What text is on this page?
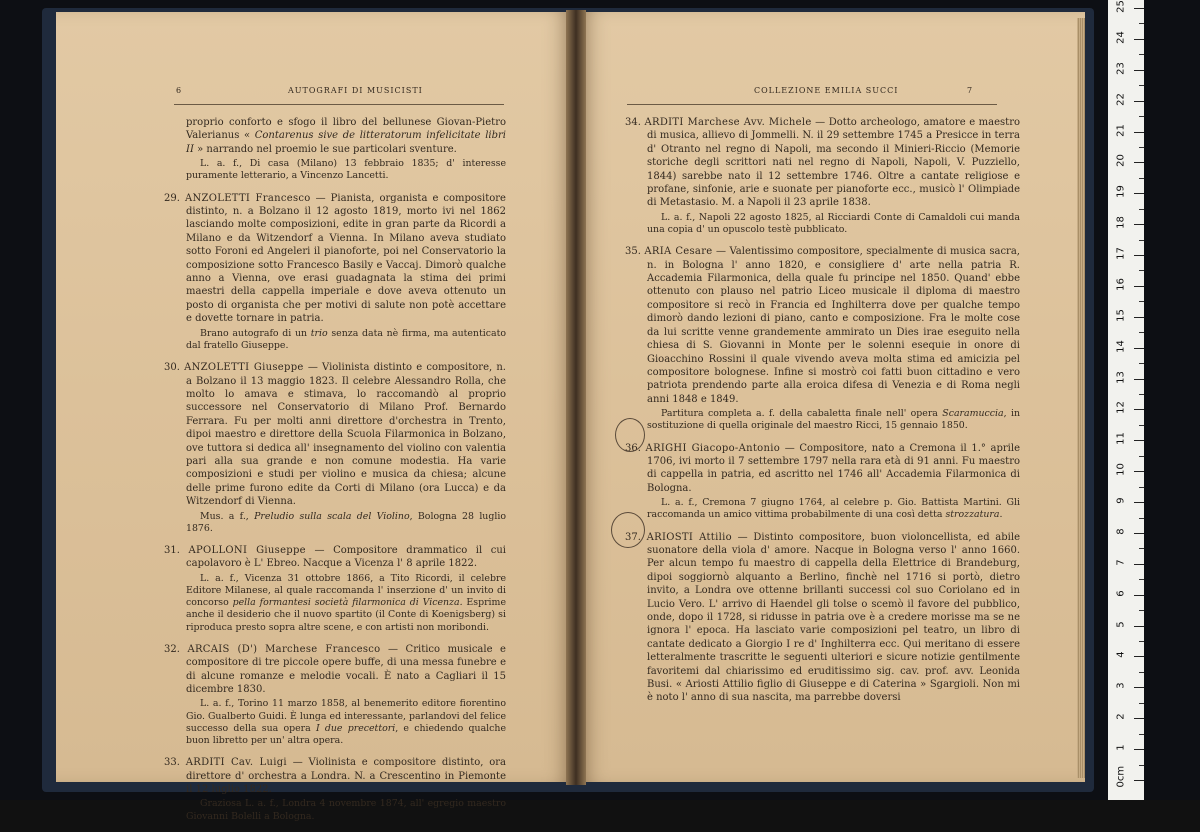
6	AUTOGRAFI DI MUSICISTI

proprio conforto e sfogo il libro del bellunese Giovan-Pietro Valerianus « Contarenus sive de litteratorum infelicitate libri II » narrando nel proemio le sue particolari sventure.

L. a. f., Di casa (Milano) 13 febbraio 1835; d' interesse puramente letterario, a Vincenzo Lancetti.

29. ANZOLETTI Francesco — Pianista, organista e compositore distinto, n. a Bolzano il 12 agosto 1819, morto ivi nel 1862 lasciando molte composizioni, edite in gran parte da Ricordi a Milano e da Witzendorf a Vienna. In Milano aveva studiato sotto Foroni ed Angeleri il pianoforte, poi nel Conservatorio la composizione sotto Francesco Basily e Vaccaj. Dimorò qualche anno a Vienna, ove erasi guadagnata la stima dei primi maestri della cappella imperiale e dove aveva ottenuto un posto di organista che per motivi di salute non potè accettare e dovette tornare in patria.

Brano autografo di un trio senza data nè firma, ma autenticato dal fratello Giuseppe.

30. ANZOLETTI Giuseppe — Violinista distinto e compositore, n. a Bolzano il 13 maggio 1823. Il celebre Alessandro Rolla, che molto lo amava e stimava, lo raccomandò al proprio successore nel Conservatorio di Milano Prof. Bernardo Ferrara. Fu per molti anni direttore d'orchestra in Trento, dipoi maestro e direttore della Scuola Filarmonica in Bolzano, ove tuttora si dedica all' insegnamento del violino con valentia pari alla sua grande e non comune modestia. Ha varie composizioni e studi per violino e musica da chiesa; alcune delle prime furono edite da Corti di Milano (ora Lucca) e da Witzendorf di Vienna.

Mus. a f., Preludio sulla scala del Violino, Bologna 28 luglio 1876.

31. APOLLONI Giuseppe — Compositore drammatico il cui capolavoro è L' Ebreo. Nacque a Vicenza l' 8 aprile 1822.

L. a. f., Vicenza 31 ottobre 1866, a Tito Ricordi, il celebre Editore Milanese, al quale raccomanda l' inserzione d' un invito di concorso pella formantesi società filarmonica di Vicenza. Esprime anche il desiderio che il nuovo spartito (il Conte di Koenigsberg) si riproduca presto sopra altre scene, e con artisti non moribondi.

32. ARCAIS (D') Marchese Francesco — Critico musicale e compositore di tre piccole opere buffe, di una messa funebre e di alcune romanze e melodie vocali. È nato a Cagliari il 15 dicembre 1830.

L. a. f., Torino 11 marzo 1858, al benemerito editore fiorentino Gio. Gualberto Guidi. È lunga ed interessante, parlandovi del felice successo della sua opera I due precettori, e chiedendo qualche buon libretto per un' altra opera.

33. ARDITI Cav. Luigi — Violinista e compositore distinto, ora direttore d' orchestra a Londra. N. a Crescentino in Piemonte il 12 luglio 1822.

Graziosa L. a. f., Londra 4 novembre 1874, all' egregio maestro Giovanni Bolelli a Bologna.

COLLEZIONE EMILIA SUCCI	7

34. ARDITI Marchese Avv. Michele — Dotto archeologo, amatore e maestro di musica, allievo di Jommelli. N. il 29 settembre 1745 a Presicce in terra d' Otranto nel regno di Napoli, ma secondo il Minieri-Riccio (Memorie storiche degli scrittori nati nel regno di Napoli, Napoli, V. Puzziello, 1844) sarebbe nato il 12 settembre 1746. Oltre a cantate religiose e profane, sinfonie, arie e suonate per pianoforte ecc., musicò l' Olimpiade di Metastasio. M. a Napoli il 23 aprile 1838.

L. a. f., Napoli 22 agosto 1825, al Ricciardi Conte di Camaldoli cui manda una copia d' un opuscolo testè pubblicato.

35. ARIA Cesare — Valentissimo compositore, specialmente di musica sacra, n. in Bologna l' anno 1820, e consigliere d' arte nella patria R. Accademia Filarmonica, della quale fu principe nel 1850. Quand' ebbe ottenuto con plauso nel patrio Liceo musicale il diploma di maestro compositore si recò in Francia ed Inghilterra dove per qualche tempo dimorò dando lezioni di piano, canto e composizione. Fra le molte cose da lui scritte venne grandemente ammirato un Dies irae eseguito nella chiesa di S. Giovanni in Monte per le solenni esequie in onore di Gioacchino Rossini il quale vivendo aveva molta stima ed amicizia pel compositore bolognese. Infine si mostrò coi fatti buon cittadino e vero patriota prendendo parte alla eroica difesa di Venezia e di Roma negli anni 1848 e 1849.

Partitura completa a. f. della cabaletta finale nell' opera Scaramuccia, in sostituzione di quella originale del maestro Ricci, 15 gennaio 1850.

36. ARIGHI Giacopo-Antonio — Compositore, nato a Cremona il 1.° aprile 1706, ivi morto il 7 settembre 1797 nella rara età di 91 anni. Fu maestro di cappella in patria, ed ascritto nel 1746 all' Accademia Filarmonica di Bologna.

L. a. f., Cremona 7 giugno 1764, al celebre p. Gio. Battista Martini. Gli raccomanda un amico vittima probabilmente di una così detta strozzatura.

37. ARIOSTI Attilio — Distinto compositore, buon violoncellista, ed abile suonatore della viola d' amore. Nacque in Bologna verso l' anno 1660. Per alcun tempo fu maestro di cappella della Elettrice di Brandeburg, dipoi soggiornò alquanto a Berlino, finchè nel 1716 si portò, dietro invito, a Londra ove ottenne brillanti successi col suo Coriolano ed in Lucio Vero. L' arrivo di Haendel gli tolse o scemò il favore del pubblico, onde, dopo il 1728, si ridusse in patria ove è a credere morisse ma se ne ignora l' epoca. Ha lasciato varie composizioni pel teatro, un libro di cantate dedicato a Giorgio I re d' Inghilterra ecc. Qui meritano di essere letteralmente trascritte le seguenti ulteriori e sicure notizie gentilmente favoritemi dal chiarissimo ed eruditissimo sig. cav. prof. avv. Leonida Busi. « Ariosti Attilio figlio di Giuseppe e di Caterina » Sgargioli. Non mi è noto l' anno di sua nascita, ma parrebbe doversi

0cm
1
2
3
4
5
6
7
8
9
10
11
12
13
14
15
16
17
18
19
20
21
22
23
24
25
